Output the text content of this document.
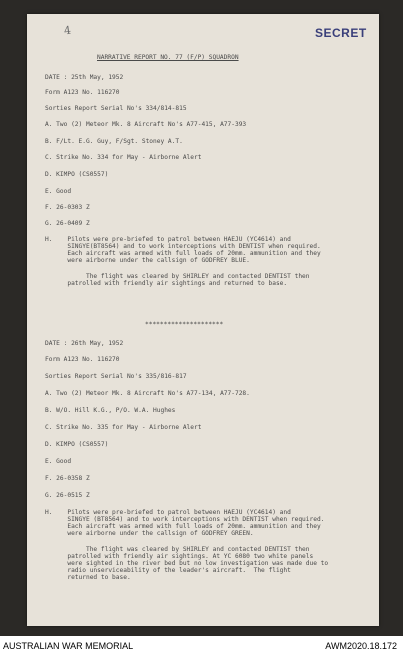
4	SECRET
NARRATIVE REPORT NO. 77 (F/P) SQUADRON
DATE : 25th May, 1952
Form A123 No. 116270
Sorties Report Serial No's 334/814-815
A. Two (2) Meteor Mk. 8 Aircraft No's A77-415, A77-393
B. F/Lt. E.G. Guy, F/Sgt. Stoney A.T.
C. Strike No. 334 for May - Airborne Alert
D. KIMPO (CS0557)
E. Good
F. 26-0303 Z
G. 26-0409 Z
H.    Pilots were pre-briefed to patrol between HAEJU (YC4614) and
SINGYE(BT8564) and to work interceptions with DENTIST when required.
Each aircraft was armed with full loads of 20mm. ammunition and they
were airborne under the callsign of GODFREY BLUE.
The flight was cleared by SHIRLEY and contacted DENTIST then
patrolled with friendly air sightings and returned to base.
*********************
DATE : 26th May, 1952
Form A123 No. 116270
Sorties Report Serial No's 335/816-817
A. Two (2) Meteor Mk. 8 Aircraft No's A77-134, A77-728.
B. W/O. Hill K.G., P/O. W.A. Hughes
C. Strike No. 335 for May - Airborne Alert
D. KIMPO (CS0557)
E. Good
F. 26-0358 Z
G. 26-0515 Z
H.    Pilots were pre-briefed to patrol between HAEJU (YC4614) and
SINGYE (BT8564) and to work interceptions with DENTIST when required.
Each aircraft was armed with full loads of 20mm. ammunition and they
were airborne under the callsign of GODFREY GREEN.
The flight was cleared by SHIRLEY and contacted DENTIST then
patrolled with friendly air sightings. At YC 6080 two white panels
were sighted in the river bed but no low investigation was made due to
radio unserviceability of the leader's aircraft.  The flight
returned to base.
AUSTRALIAN WAR MEMORIAL	AWM2020.18.172
